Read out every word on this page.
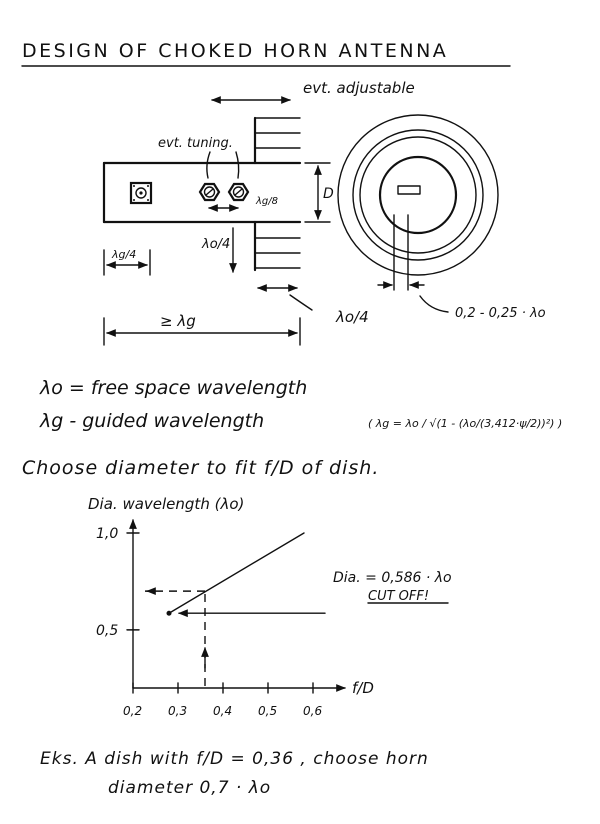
DESIGN OF CHOKED HORN ANTENNA
evt. adjustable
evt. tuning.
λg/8	D
λo/4
λg/4
λo/4
≥ λg	0,2 - 0,25 · λo
λo = free space wavelength
λg - guided wavelength	( λg = λo / √(1 - (λo/(3,412·ψ/2))²) )
Choose diameter to fit f/D of dish.
Dia. wavelength (λo)
f/D
0,2 0,3 0,4 0,5 0,6
1,0
0,5
Dia. = 0,586 · λo
CUT OFF!
Eks. A dish with f/D = 0,36 , choose horn
diameter 0,7 · λo
